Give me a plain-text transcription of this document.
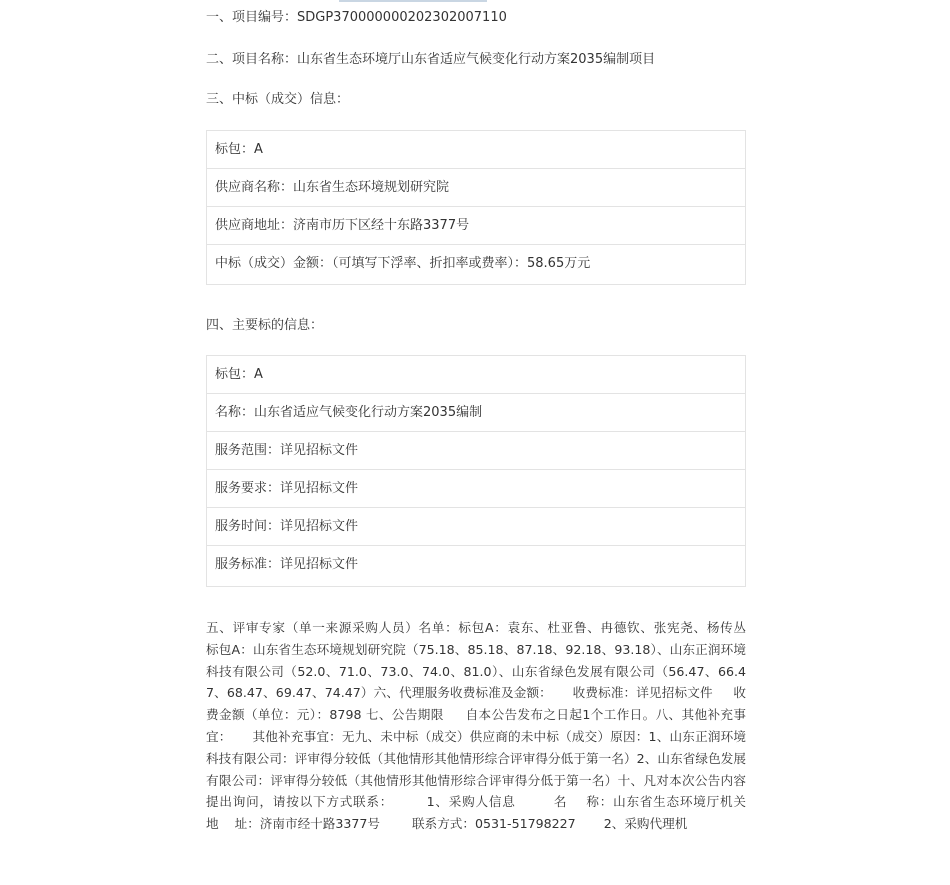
一、项目编号：SDGP370000000202302007110
二、项目名称：山东省生态环境厅山东省适应气候变化行动方案2035编制项目
三、中标（成交）信息：
标包：A
供应商名称：山东省生态环境规划研究院
供应商地址：济南市历下区经十东路3377号
中标（成交）金额：（可填写下浮率、折扣率或费率）：58.65万元
四、主要标的信息：
标包：A
名称：山东省适应气候变化行动方案2035编制
服务范围：详见招标文件
服务要求：详见招标文件
服务时间：详见招标文件
服务标准：详见招标文件
五、评审专家（单一来源采购人员）名单：标包A：袁东、杜亚鲁、冉德钦、张宪尧、杨传丛    标包A：山东省生态环境规划研究院（75.18、85.18、87.18、92.18、93.18）、山东正润环境科技有限公司（52.0、71.0、73.0、74.0、81.0）、山东省绿色发展有限公司（56.47、66.47、68.47、69.47、74.47）六、代理服务收费标准及金额：     收费标准：详见招标文件     收费金额（单位：元）：8798 七、公告期限     自本公告发布之日起1个工作日。八、其他补充事宜：     其他补充事宜：无九、未中标（成交）供应商的未中标（成交）原因：1、山东正润环境科技有限公司：评审得分较低（其他情形其他情形综合评审得分低于第一名）2、山东省绿色发展有限公司：评审得分较低（其他情形其他情形综合评审得分低于第一名）十、凡对本次公告内容提出询问，请按以下方式联系：       1、采购人信息        名    称：山东省生态环境厅机关       地    址：济南市经十路3377号        联系方式：0531-51798227       2、采购代理机
